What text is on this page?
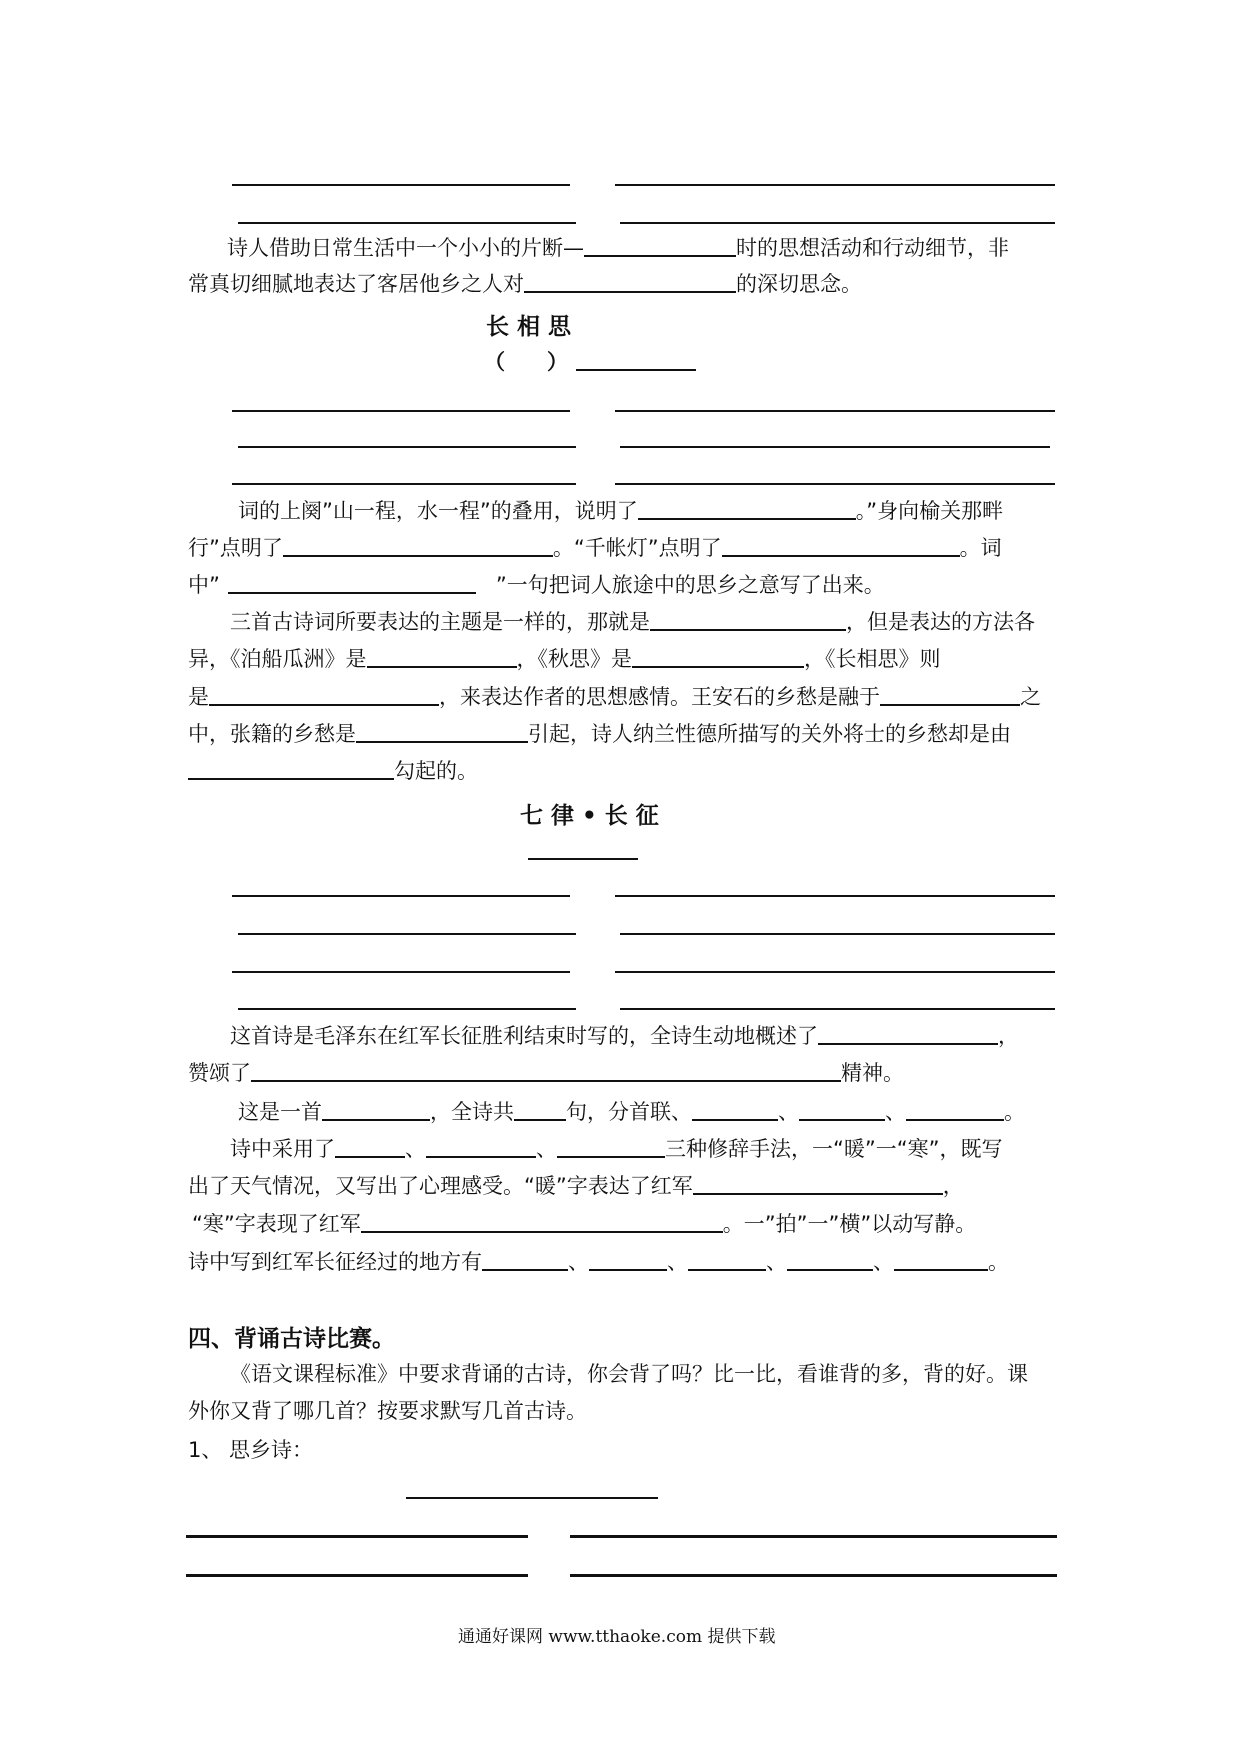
诗人借助日常生活中一个小小的片断—	时的思想活动和行动细节，非
常真切细腻地表达了客居他乡之人对	的深切思念。
长相思
（　　）
词的上阕”山一程，水一程”的叠用，说明了	。”身向榆关那畔
行”点明了	。“千帐灯”点明了	。词
中”	”一句把词人旅途中的思乡之意写了出来。
三首古诗词所要表达的主题是一样的，那就是	，但是表达的方法各
异，《泊船瓜洲》是	，《秋思》是	，《长相思》则
是	，来表达作者的思想感情。王安石的乡愁是融于	之
中，张籍的乡愁是	引起，诗人纳兰性德所描写的关外将士的乡愁却是由
勾起的。
七律•长征
这首诗是毛泽东在红军长征胜利结束时写的，全诗生动地概述了	，
赞颂了	精神。
这是一首	，全诗共 句，分首联、	、	、	。
诗中采用了	、	、	三种修辞手法，一“暖”一“寒”，既写
出了天气情况，又写出了心理感受。“暖”字表达了红军	，
“寒”字表现了红军	。一”拍”一”横”以动写静。
诗中写到红军长征经过的地方有	、	、	、	、	。
四、背诵古诗比赛。
《语文课程标准》中要求背诵的古诗，你会背了吗？比一比，看谁背的多，背的好。课
外你又背了哪几首？按要求默写几首古诗。
1、 思乡诗：
通通好课网 www.tthaoke.com 提供下载
